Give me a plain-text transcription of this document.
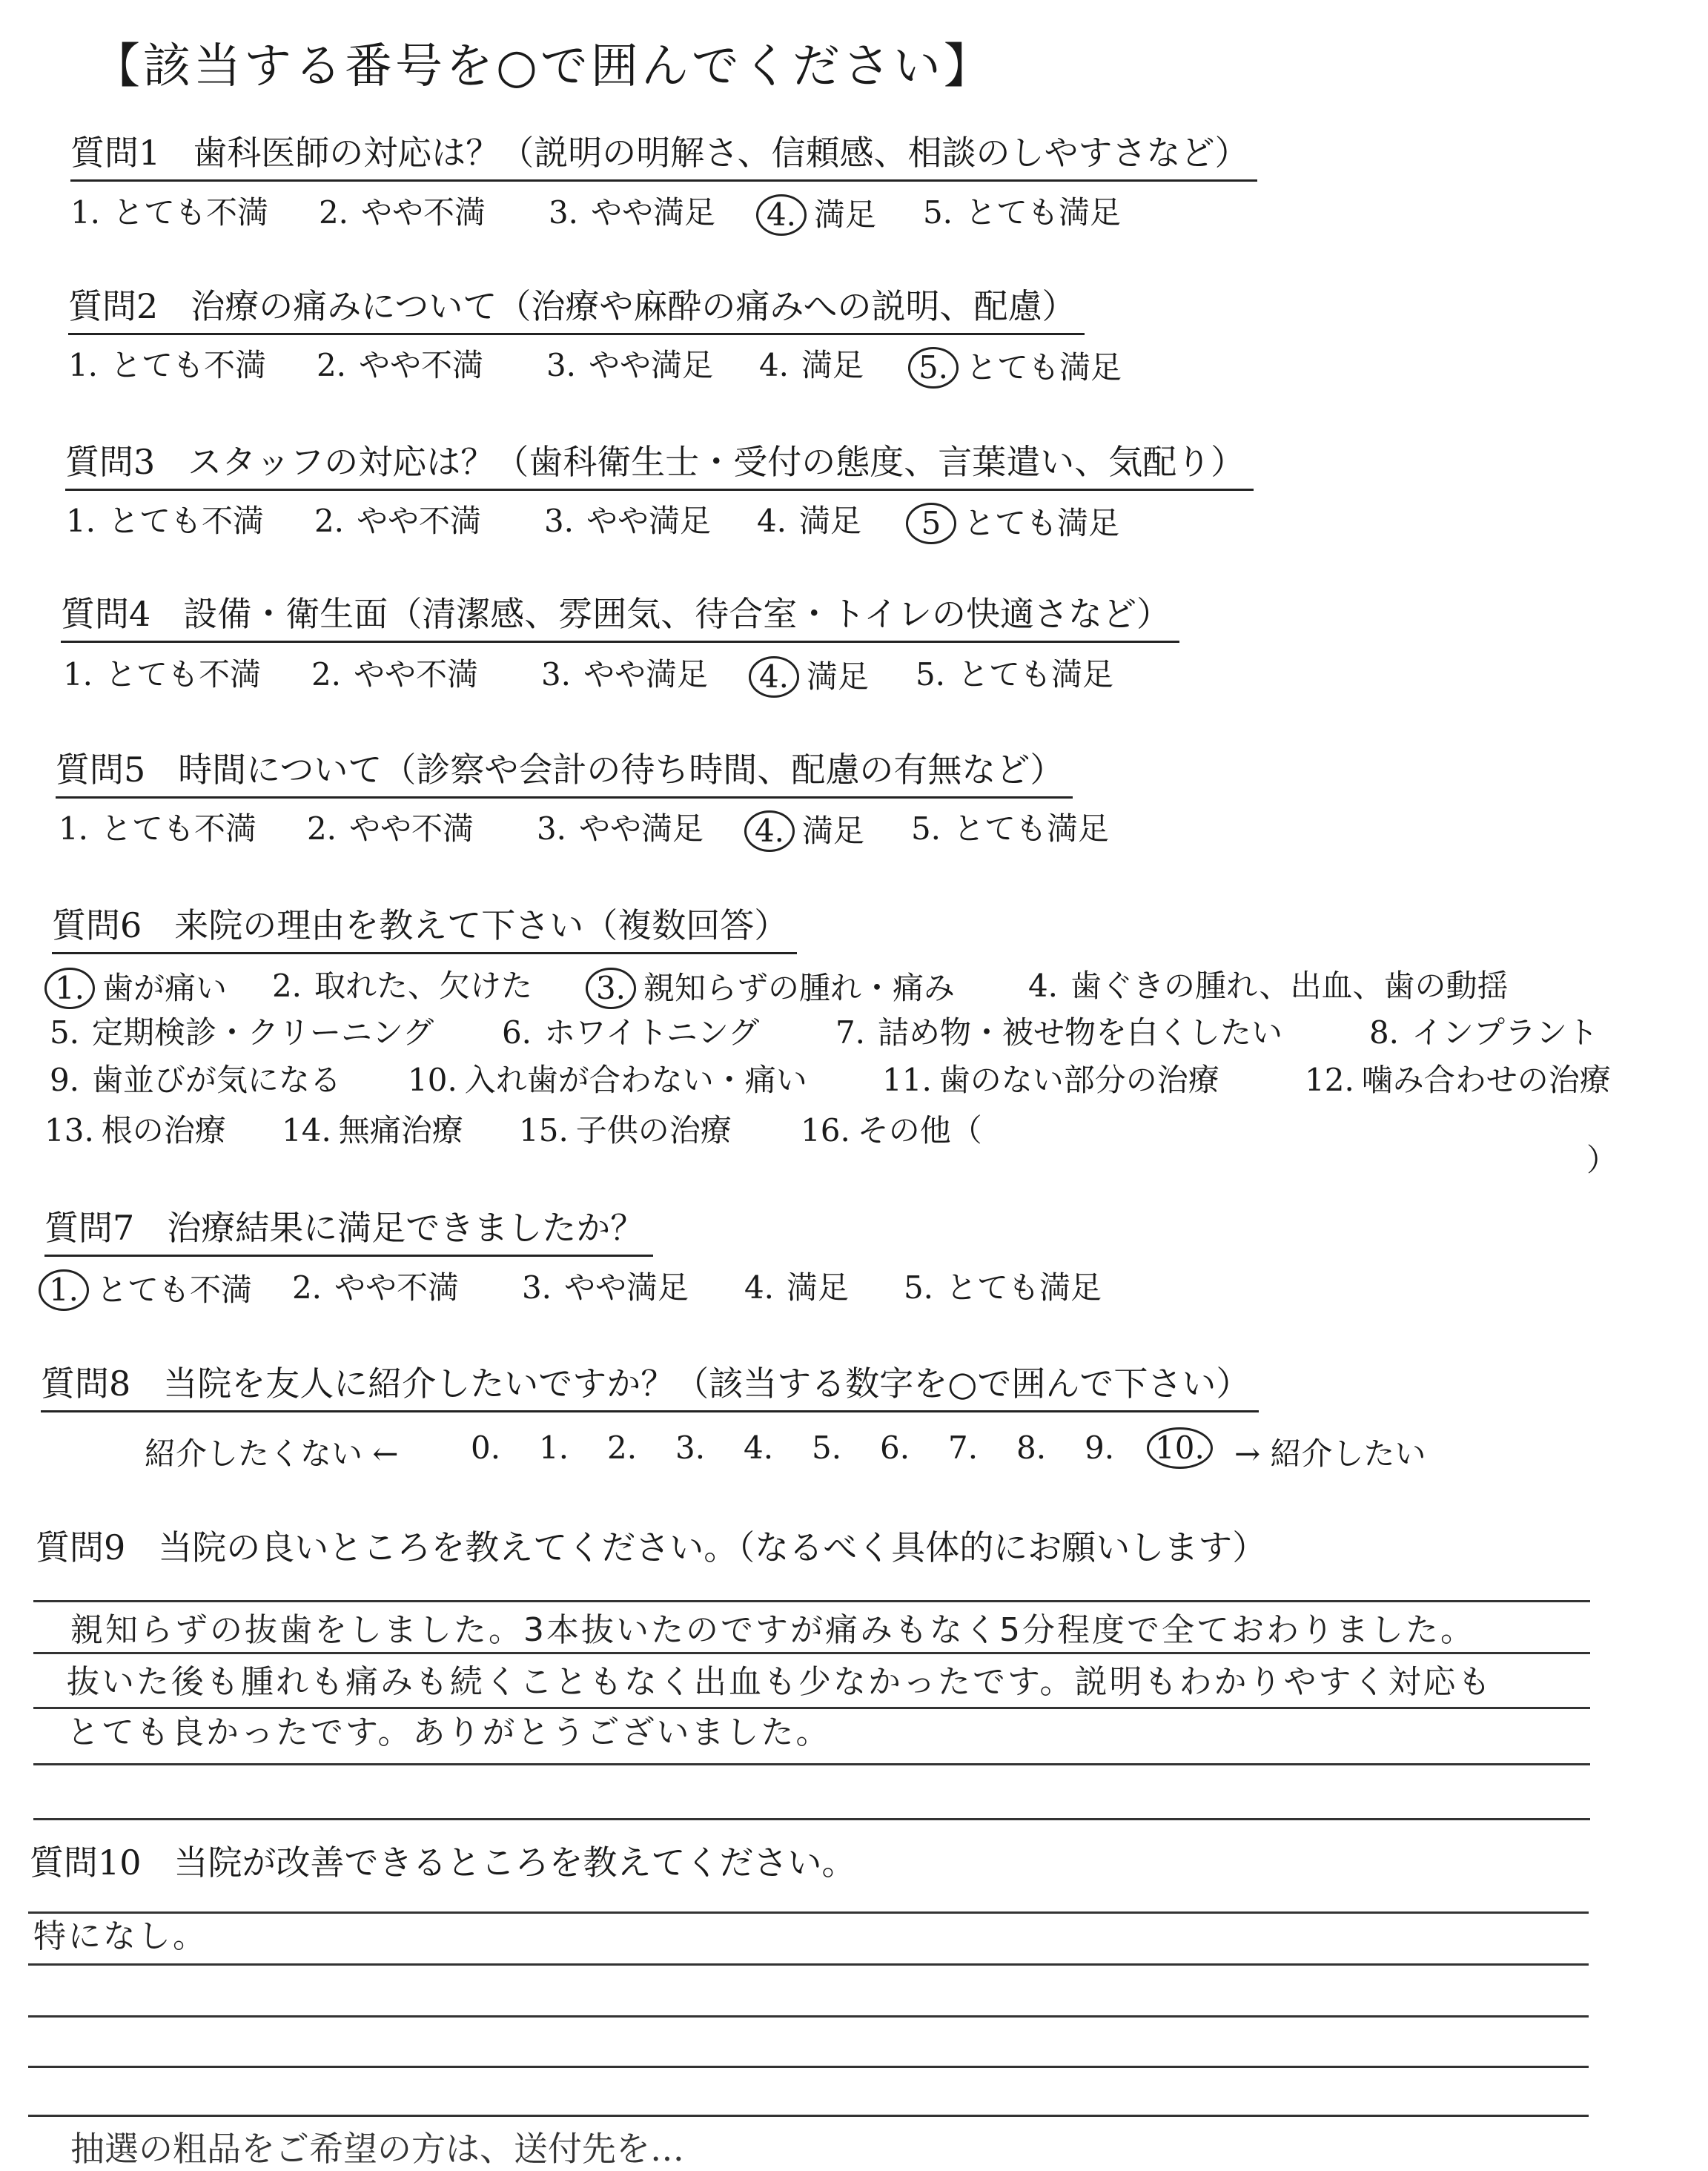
【該当する番号を○で囲んでください】
質問1 歯科医師の対応は？（説明の明解さ、信頼感、相談のしやすさなど）
1. とても不満 2. やや不満 3. やや満足	4. 満足 5. とても満足
質問2 治療の痛みについて（治療や麻酔の痛みへの説明、配慮）
1. とても不満 2. やや不満 3. やや満足 4. 満足	5. とても満足
質問3 スタッフの対応は？（歯科衛生士・受付の態度、言葉遣い、気配り）
1. とても不満 2. やや不満 3. やや満足 4. 満足	5 とても満足
質問4 設備・衛生面（清潔感、雰囲気、待合室・トイレの快適さなど）
1. とても不満 2. やや不満 3. やや満足	4. 満足 5. とても満足
質問5 時間について（診察や会計の待ち時間、配慮の有無など）
1. とても不満 2. やや不満 3. やや満足	4. 満足 5. とても満足
質問6 来院の理由を教えて下さい（複数回答）
1. 歯が痛い 2. 取れた、欠けた	3. 親知らずの腫れ・痛み 4. 歯ぐきの腫れ、出血、歯の動揺
5. 定期検診・クリーニング 6. ホワイトニング 7. 詰め物・被せ物を白くしたい	8. インプラント
9. 歯並びが気になる 10. 入れ歯が合わない・痛い 11. 歯のない部分の治療	12. 噛み合わせの治療
13. 根の治療 14. 無痛治療 15. 子供の治療 16. その他（
）
質問7 治療結果に満足できましたか？
1. とても不満 2. やや不満 3. やや満足 4. 満足 5. とても満足
質問8 当院を友人に紹介したいですか？（該当する数字を○で囲んで下さい）
紹介したくない ← 0. 1. 2. 3. 4. 5. 6. 7. 8. 9. 10. → 紹介したい
質問9 当院の良いところを教えてください。（なるべく具体的にお願いします）
親知らずの抜歯をしました。3本抜いたのですが痛みもなく5分程度で全ておわりました。
抜いた後も腫れも痛みも続くこともなく出血も少なかったです。説明もわかりやすく対応も
とても良かったです。ありがとうございました。
質問10 当院が改善できるところを教えてください。
特になし。
抽選の粗品をご希望の方は、送付先を…
